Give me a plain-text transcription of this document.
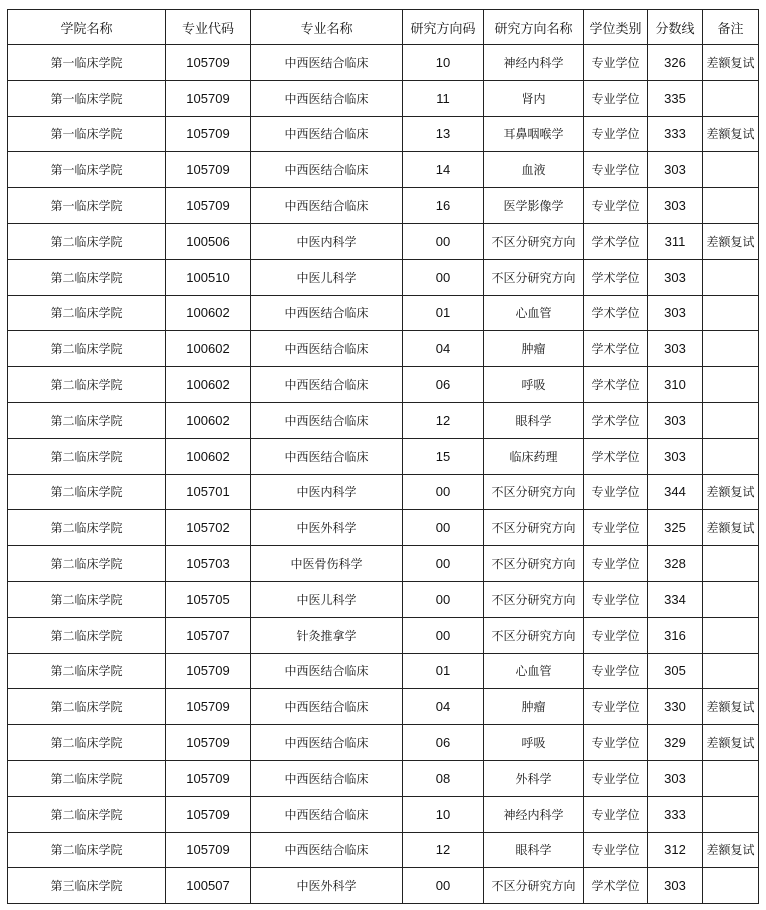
学院名称	专业代码	专业名称	研究方向码	研究方向名称	学位类别	分数线	备注
第一临床学院	105709	中西医结合临床	10	神经内科学	专业学位	326	差额复试
第一临床学院	105709	中西医结合临床	11	肾内	专业学位	335	
第一临床学院	105709	中西医结合临床	13	耳鼻咽喉学	专业学位	333	差额复试
第一临床学院	105709	中西医结合临床	14	血液	专业学位	303	
第一临床学院	105709	中西医结合临床	16	医学影像学	专业学位	303	
第二临床学院	100506	中医内科学	00	不区分研究方向	学术学位	311	差额复试
第二临床学院	100510	中医儿科学	00	不区分研究方向	学术学位	303	
第二临床学院	100602	中西医结合临床	01	心血管	学术学位	303	
第二临床学院	100602	中西医结合临床	04	肿瘤	学术学位	303	
第二临床学院	100602	中西医结合临床	06	呼吸	学术学位	310	
第二临床学院	100602	中西医结合临床	12	眼科学	学术学位	303	
第二临床学院	100602	中西医结合临床	15	临床药理	学术学位	303	
第二临床学院	105701	中医内科学	00	不区分研究方向	专业学位	344	差额复试
第二临床学院	105702	中医外科学	00	不区分研究方向	专业学位	325	差额复试
第二临床学院	105703	中医骨伤科学	00	不区分研究方向	专业学位	328	
第二临床学院	105705	中医儿科学	00	不区分研究方向	专业学位	334	
第二临床学院	105707	针灸推拿学	00	不区分研究方向	专业学位	316	
第二临床学院	105709	中西医结合临床	01	心血管	专业学位	305	
第二临床学院	105709	中西医结合临床	04	肿瘤	专业学位	330	差额复试
第二临床学院	105709	中西医结合临床	06	呼吸	专业学位	329	差额复试
第二临床学院	105709	中西医结合临床	08	外科学	专业学位	303	
第二临床学院	105709	中西医结合临床	10	神经内科学	专业学位	333	
第二临床学院	105709	中西医结合临床	12	眼科学	专业学位	312	差额复试
第三临床学院	100507	中医外科学	00	不区分研究方向	学术学位	303	
